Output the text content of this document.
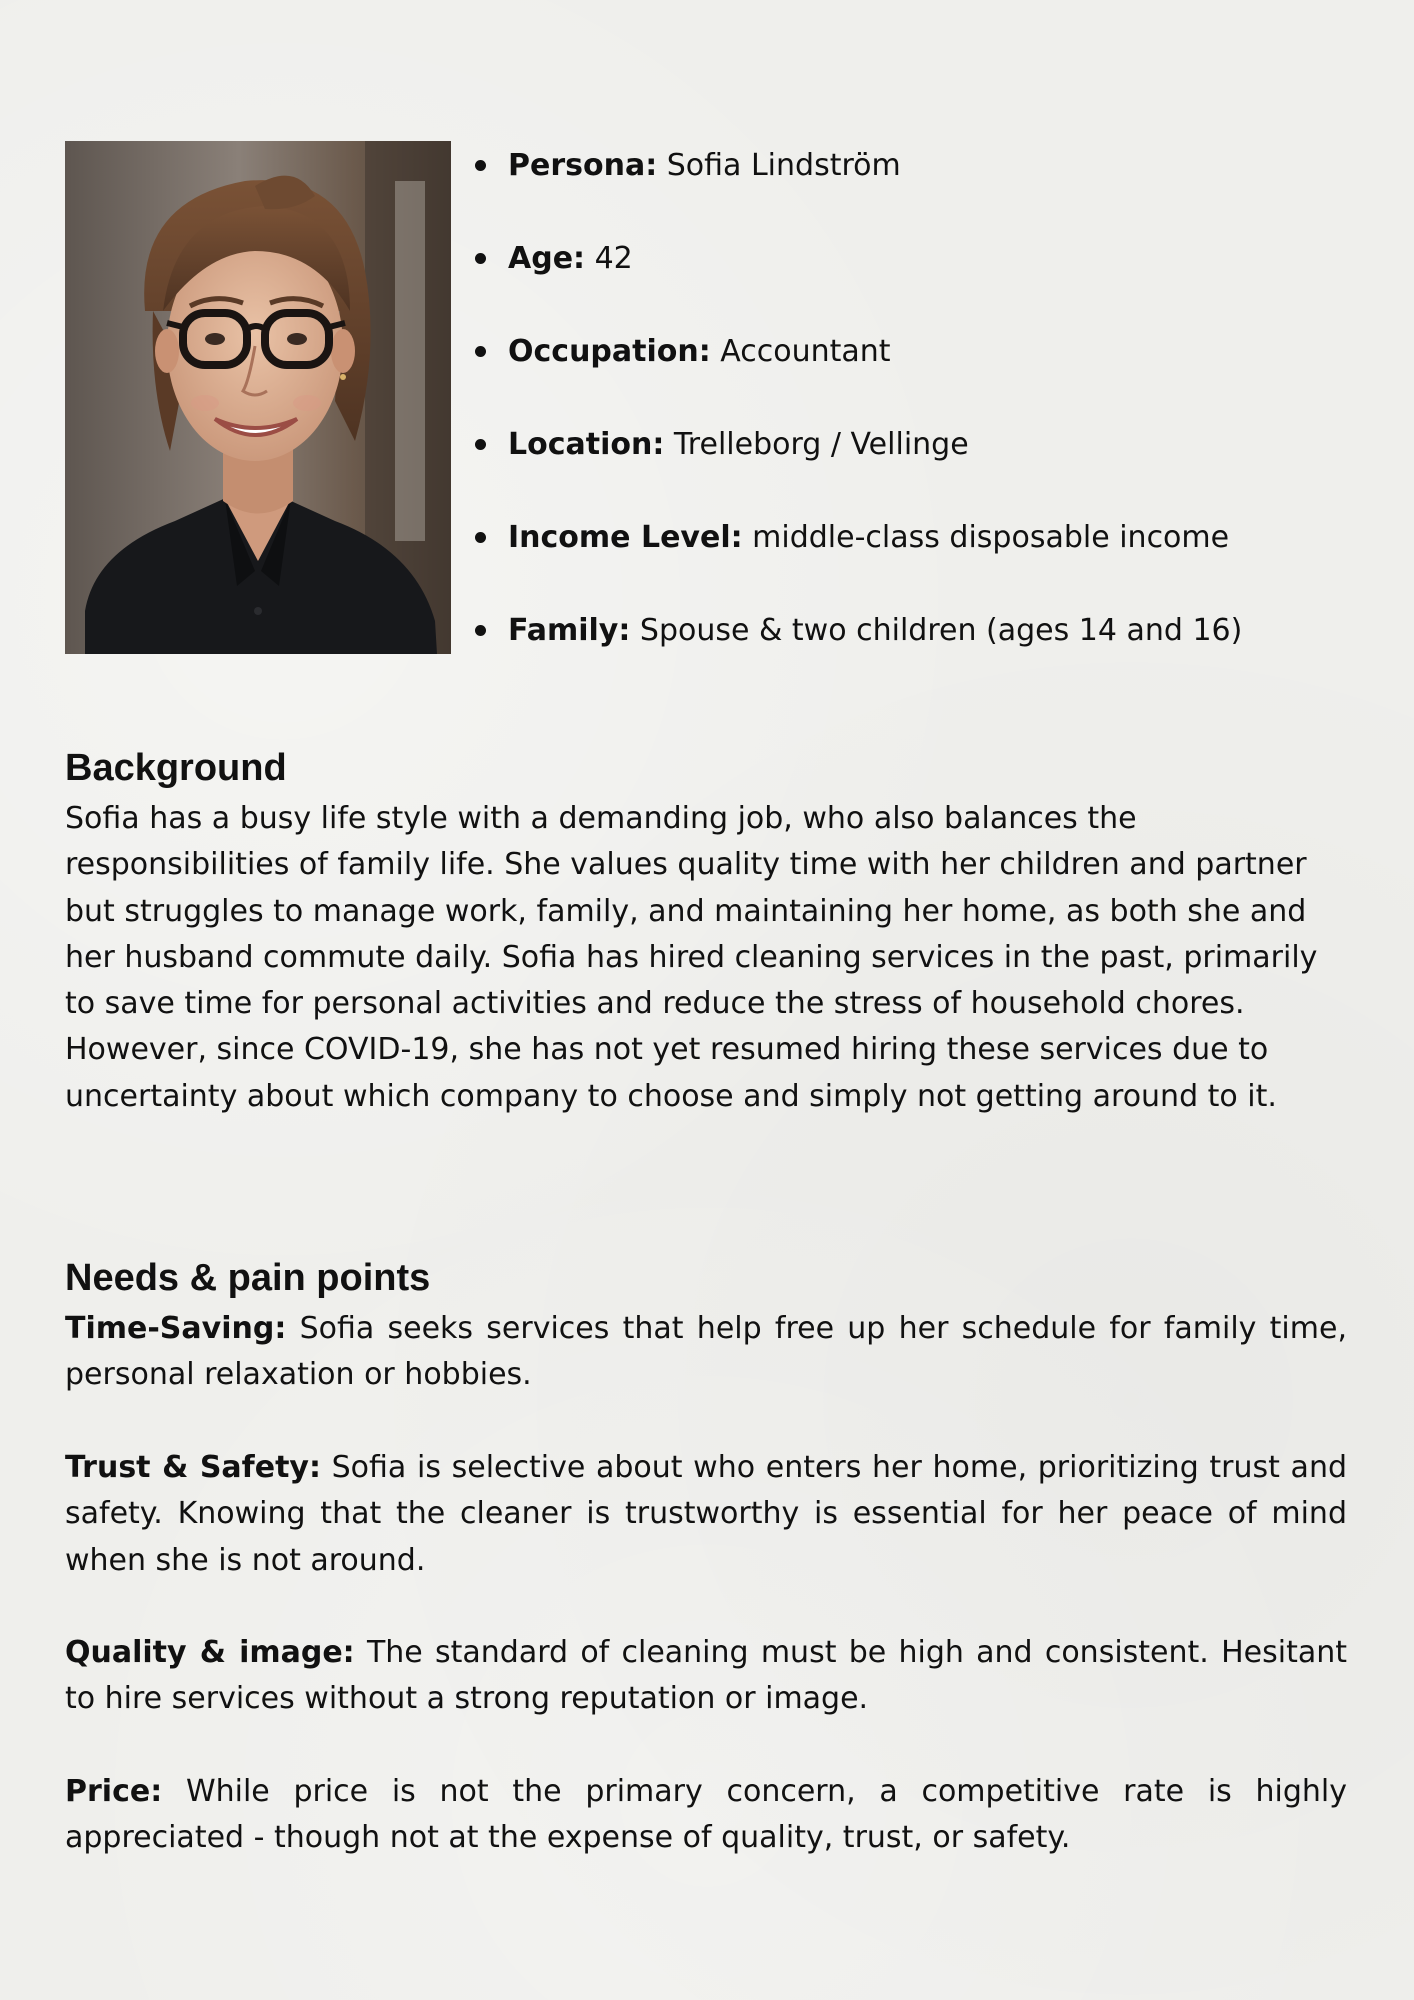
Persona: Sofia Lindström
Age: 42
Occupation: Accountant
Location: Trelleborg / Vellinge
Income Level: middle-class disposable income
Family: Spouse & two children (ages 14 and 16)
Background

Sofia has a busy life style with a demanding job, who also balances the responsibilities of family life. She values quality time with her children and partner but struggles to manage work, family, and maintaining her home, as both she and her husband commute daily. Sofia has hired cleaning services in the past, primarily to save time for personal activities and reduce the stress of household chores. However, since COVID-19, she has not yet resumed hiring these services due to uncertainty about which company to choose and simply not getting around to it.

Needs & pain points

Time-Saving: Sofia seeks services that help free up her schedule for family time, personal relaxation or hobbies.

Trust & Safety: Sofia is selective about who enters her home, prioritizing trust and safety. Knowing that the cleaner is trustworthy is essential for her peace of mind when she is not around.

Quality & image: The standard of cleaning must be high and consistent. Hesitant to hire services without a strong reputation or image.

Price: While price is not the primary concern, a competitive rate is highly appreciated - though not at the expense of quality, trust, or safety.
